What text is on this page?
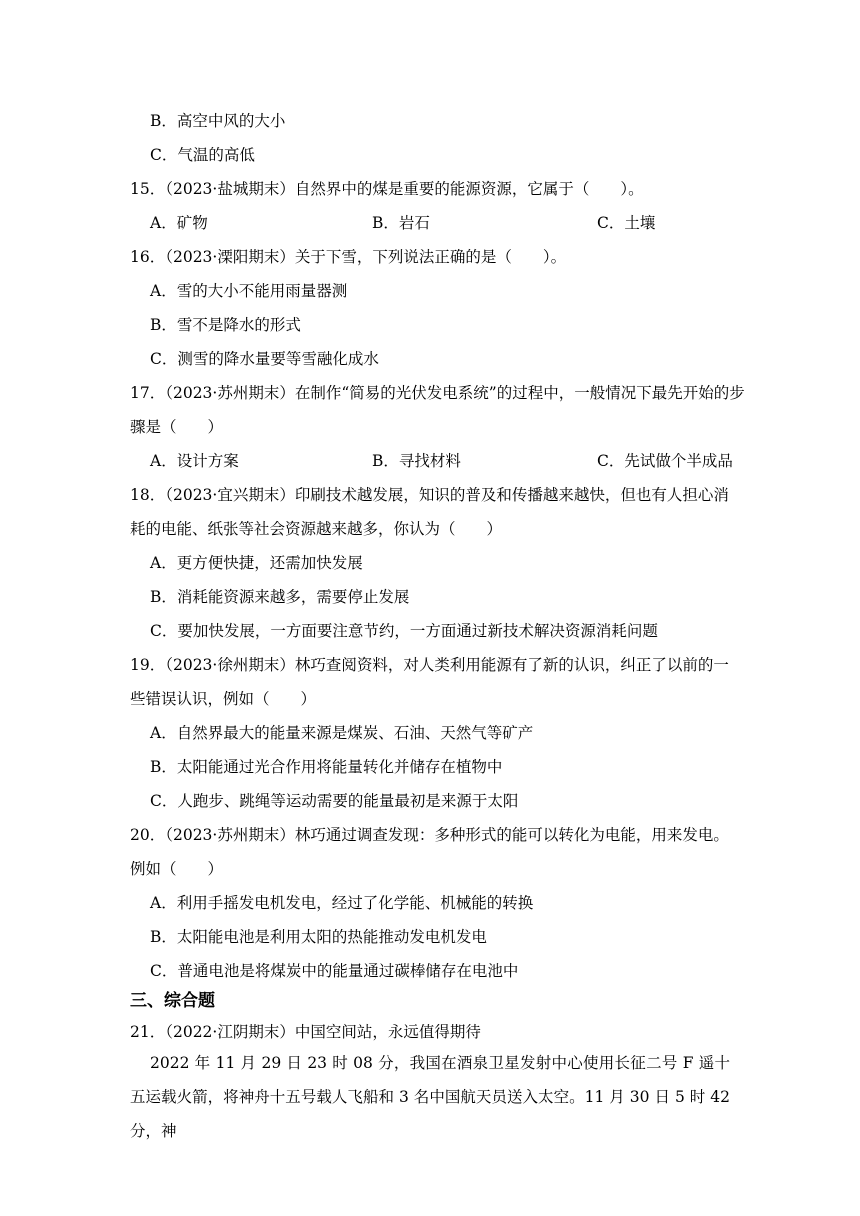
B．高空中风的大小
C．气温的高低
15．（2023·盐城期末）自然界中的煤是重要的能源资源，它属于（　　）。
A．矿物	B．岩石	C．土壤
16．（2023·溧阳期末）关于下雪，下列说法正确的是（　　）。
A．雪的大小不能用雨量器测
B．雪不是降水的形式
C．测雪的降水量要等雪融化成水
17．（2023·苏州期末）在制作“简易的光伏发电系统”的过程中，一般情况下最先开始的步
骤是（　　）
A．设计方案	B．寻找材料	C．先试做个半成品
18．（2023·宜兴期末）印刷技术越发展，知识的普及和传播越来越快，但也有人担心消
耗的电能、纸张等社会资源越来越多，你认为（　　）
A．更方便快捷，还需加快发展
B．消耗能资源来越多，需要停止发展
C．要加快发展，一方面要注意节约，一方面通过新技术解决资源消耗问题
19．（2023·徐州期末）林巧查阅资料，对人类利用能源有了新的认识，纠正了以前的一
些错误认识，例如（　　）
A．自然界最大的能量来源是煤炭、石油、天然气等矿产
B．太阳能通过光合作用将能量转化并储存在植物中
C．人跑步、跳绳等运动需要的能量最初是来源于太阳
20．（2023·苏州期末）林巧通过调查发现：多种形式的能可以转化为电能，用来发电。
例如（　　）
A．利用手摇发电机发电，经过了化学能、机械能的转换
B．太阳能电池是利用太阳的热能推动发电机发电
C．普通电池是将煤炭中的能量通过碳棒储存在电池中
三、综合题
21．（2022·江阴期末）中国空间站，永远值得期待
2022 年 11 月 29 日 23 时 08 分，我国在酒泉卫星发射中心使用长征二号 F 遥十五运载火箭，将神舟十五号载人飞船和 3 名中国航天员送入太空。11 月 30 日 5 时 42 分，神
